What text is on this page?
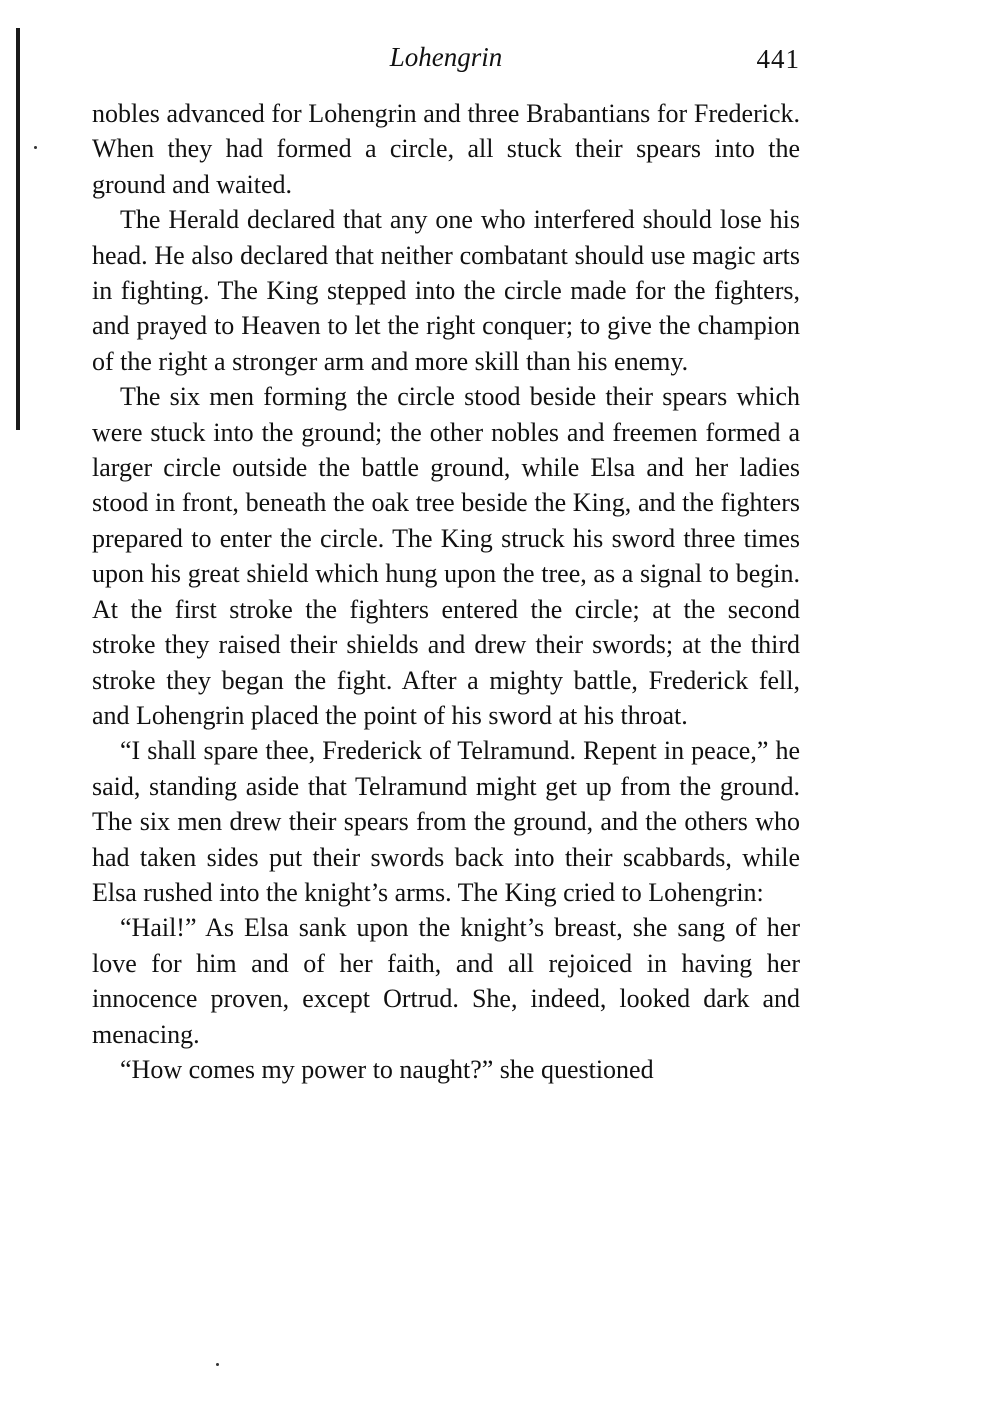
Lohengrin	441

nobles advanced for Lohengrin and three Brabantians for Frederick. When they had formed a circle, all stuck their spears into the ground and waited.

The Herald declared that any one who interfered should lose his head. He also declared that neither combatant should use magic arts in fighting. The King stepped into the circle made for the fighters, and prayed to Heaven to let the right conquer; to give the champion of the right a stronger arm and more skill than his enemy.

The six men forming the circle stood beside their spears which were stuck into the ground; the other nobles and freemen formed a larger circle outside the battle ground, while Elsa and her ladies stood in front, beneath the oak tree beside the King, and the fighters prepared to enter the circle. The King struck his sword three times upon his great shield which hung upon the tree, as a signal to begin. At the first stroke the fighters entered the circle; at the second stroke they raised their shields and drew their swords; at the third stroke they began the fight. After a mighty battle, Frederick fell, and Lohengrin placed the point of his sword at his throat.

“I shall spare thee, Frederick of Telramund. Repent in peace,” he said, standing aside that Telramund might get up from the ground. The six men drew their spears from the ground, and the others who had taken sides put their swords back into their scabbards, while Elsa rushed into the knight’s arms. The King cried to Lohengrin:

“Hail!” As Elsa sank upon the knight’s breast, she sang of her love for him and of her faith, and all rejoiced in having her innocence proven, except Ortrud. She, indeed, looked dark and menacing.

“How comes my power to naught?” she questioned
